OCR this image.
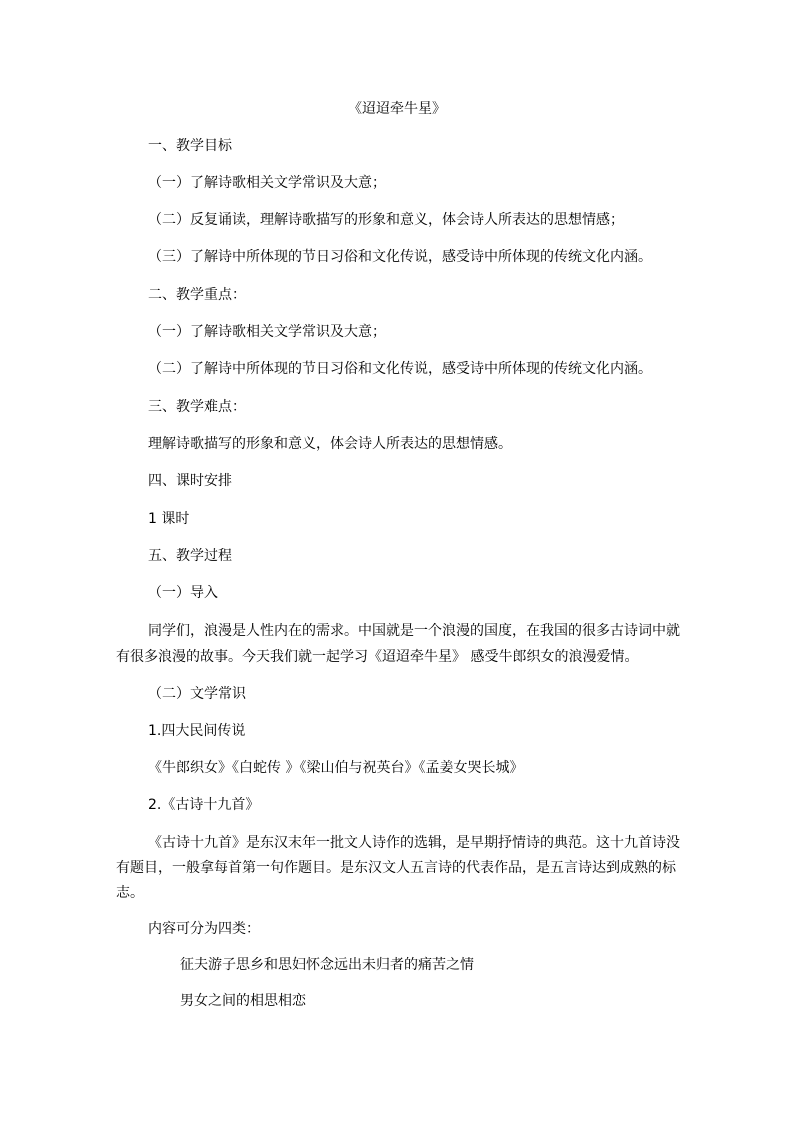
《迢迢牵牛星》
一、教学目标
（一）了解诗歌相关文学常识及大意；
（二）反复诵读，理解诗歌描写的形象和意义，体会诗人所表达的思想情感；
（三）了解诗中所体现的节日习俗和文化传说，感受诗中所体现的传统文化内涵。
二、教学重点：
（一）了解诗歌相关文学常识及大意；
（二）了解诗中所体现的节日习俗和文化传说，感受诗中所体现的传统文化内涵。
三、教学难点：
理解诗歌描写的形象和意义，体会诗人所表达的思想情感。
四、课时安排
1 课时
五、教学过程
（一）导入
同学们，浪漫是人性内在的需求。中国就是一个浪漫的国度，在我国的很多古诗词中就
有很多浪漫的故事。今天我们就一起学习《迢迢牵牛星》 感受牛郎织女的浪漫爱情。
（二）文学常识
1.四大民间传说
《牛郎织女》《白蛇传 》《梁山伯与祝英台》《孟姜女哭长城》
2.《古诗十九首》
《古诗十九首》是东汉末年一批文人诗作的选辑，是早期抒情诗的典范。这十九首诗没
有题目，一般拿每首第一句作题目。是东汉文人五言诗的代表作品，是五言诗达到成熟的标
志。
内容可分为四类：
征夫游子思乡和思妇怀念远出未归者的痛苦之情
男女之间的相思相恋
